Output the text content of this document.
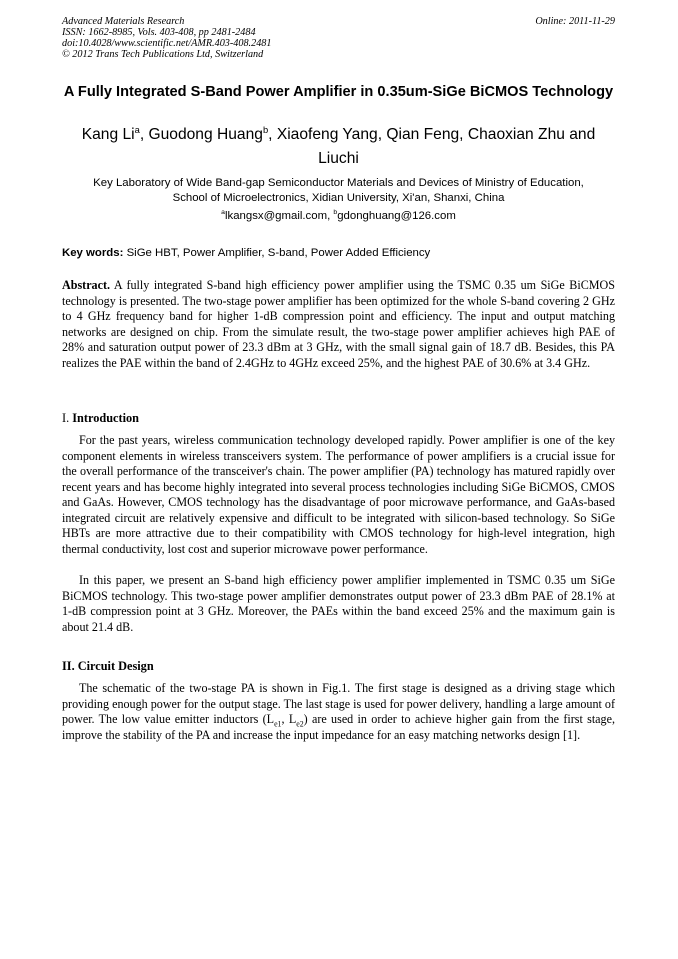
Advanced Materials Research
ISSN: 1662-8985, Vols. 403-408, pp 2481-2484
doi:10.4028/www.scientific.net/AMR.403-408.2481
© 2012 Trans Tech Publications Ltd, Switzerland
Online: 2011-11-29
A Fully Integrated S-Band Power Amplifier in 0.35um-SiGe BiCMOS Technology
Kang Li$^a$, Guodong Huang$^b$, Xiaofeng Yang, Qian Feng, Chaoxian Zhu and Liuchi
Key Laboratory of Wide Band-gap Semiconductor Materials and Devices of Ministry of Education,
School of Microelectronics, Xidian University, Xi'an, Shanxi, China
$^a$lkangsx@gmail.com, $^b$gdonghuang@126.com
Key words: SiGe HBT, Power Amplifier, S-band, Power Added Efficiency
Abstract. A fully integrated S-band high efficiency power amplifier using the TSMC 0.35 um SiGe BiCMOS technology is presented. The two-stage power amplifier has been optimized for the whole S-band covering 2 GHz to 4 GHz frequency band for higher 1-dB compression point and efficiency. The input and output matching networks are designed on chip. From the simulate result, the two-stage power amplifier achieves high PAE of 28% and saturation output power of 23.3 dBm at 3 GHz, with the small signal gain of 18.7 dB. Besides, this PA realizes the PAE within the band of 2.4GHz to 4GHz exceed 25%, and the highest PAE of 30.6% at 3.4 GHz.
I. Introduction
For the past years, wireless communication technology developed rapidly. Power amplifier is one of the key component elements in wireless transceivers system. The performance of power amplifiers is a crucial issue for the overall performance of the transceiver's chain. The power amplifier (PA) technology has matured rapidly over recent years and has become highly integrated into several process technologies including SiGe BiCMOS, CMOS and GaAs. However, CMOS technology has the disadvantage of poor microwave performance, and GaAs-based integrated circuit are relatively expensive and difficult to be integrated with silicon-based technology. So SiGe HBTs are more attractive due to their compatibility with CMOS technology for high-level integration, high thermal conductivity, lost cost and superior microwave power performance.
In this paper, we present an S-band high efficiency power amplifier implemented in TSMC 0.35 um SiGe BiCMOS technology. This two-stage power amplifier demonstrates output power of 23.3 dBm PAE of 28.1% at 1-dB compression point at 3 GHz. Moreover, the PAEs within the band exceed 25% and the maximum gain is about 21.4 dB.
II. Circuit Design
The schematic of the two-stage PA is shown in Fig.1. The first stage is designed as a driving stage which providing enough power for the output stage. The last stage is used for power delivery, handling a large amount of power. The low value emitter inductors ($L_{e1}$, $L_{e2}$) are used in order to achieve higher gain from the first stage, improve the stability of the PA and increase the input impedance for an easy matching networks design [1].
